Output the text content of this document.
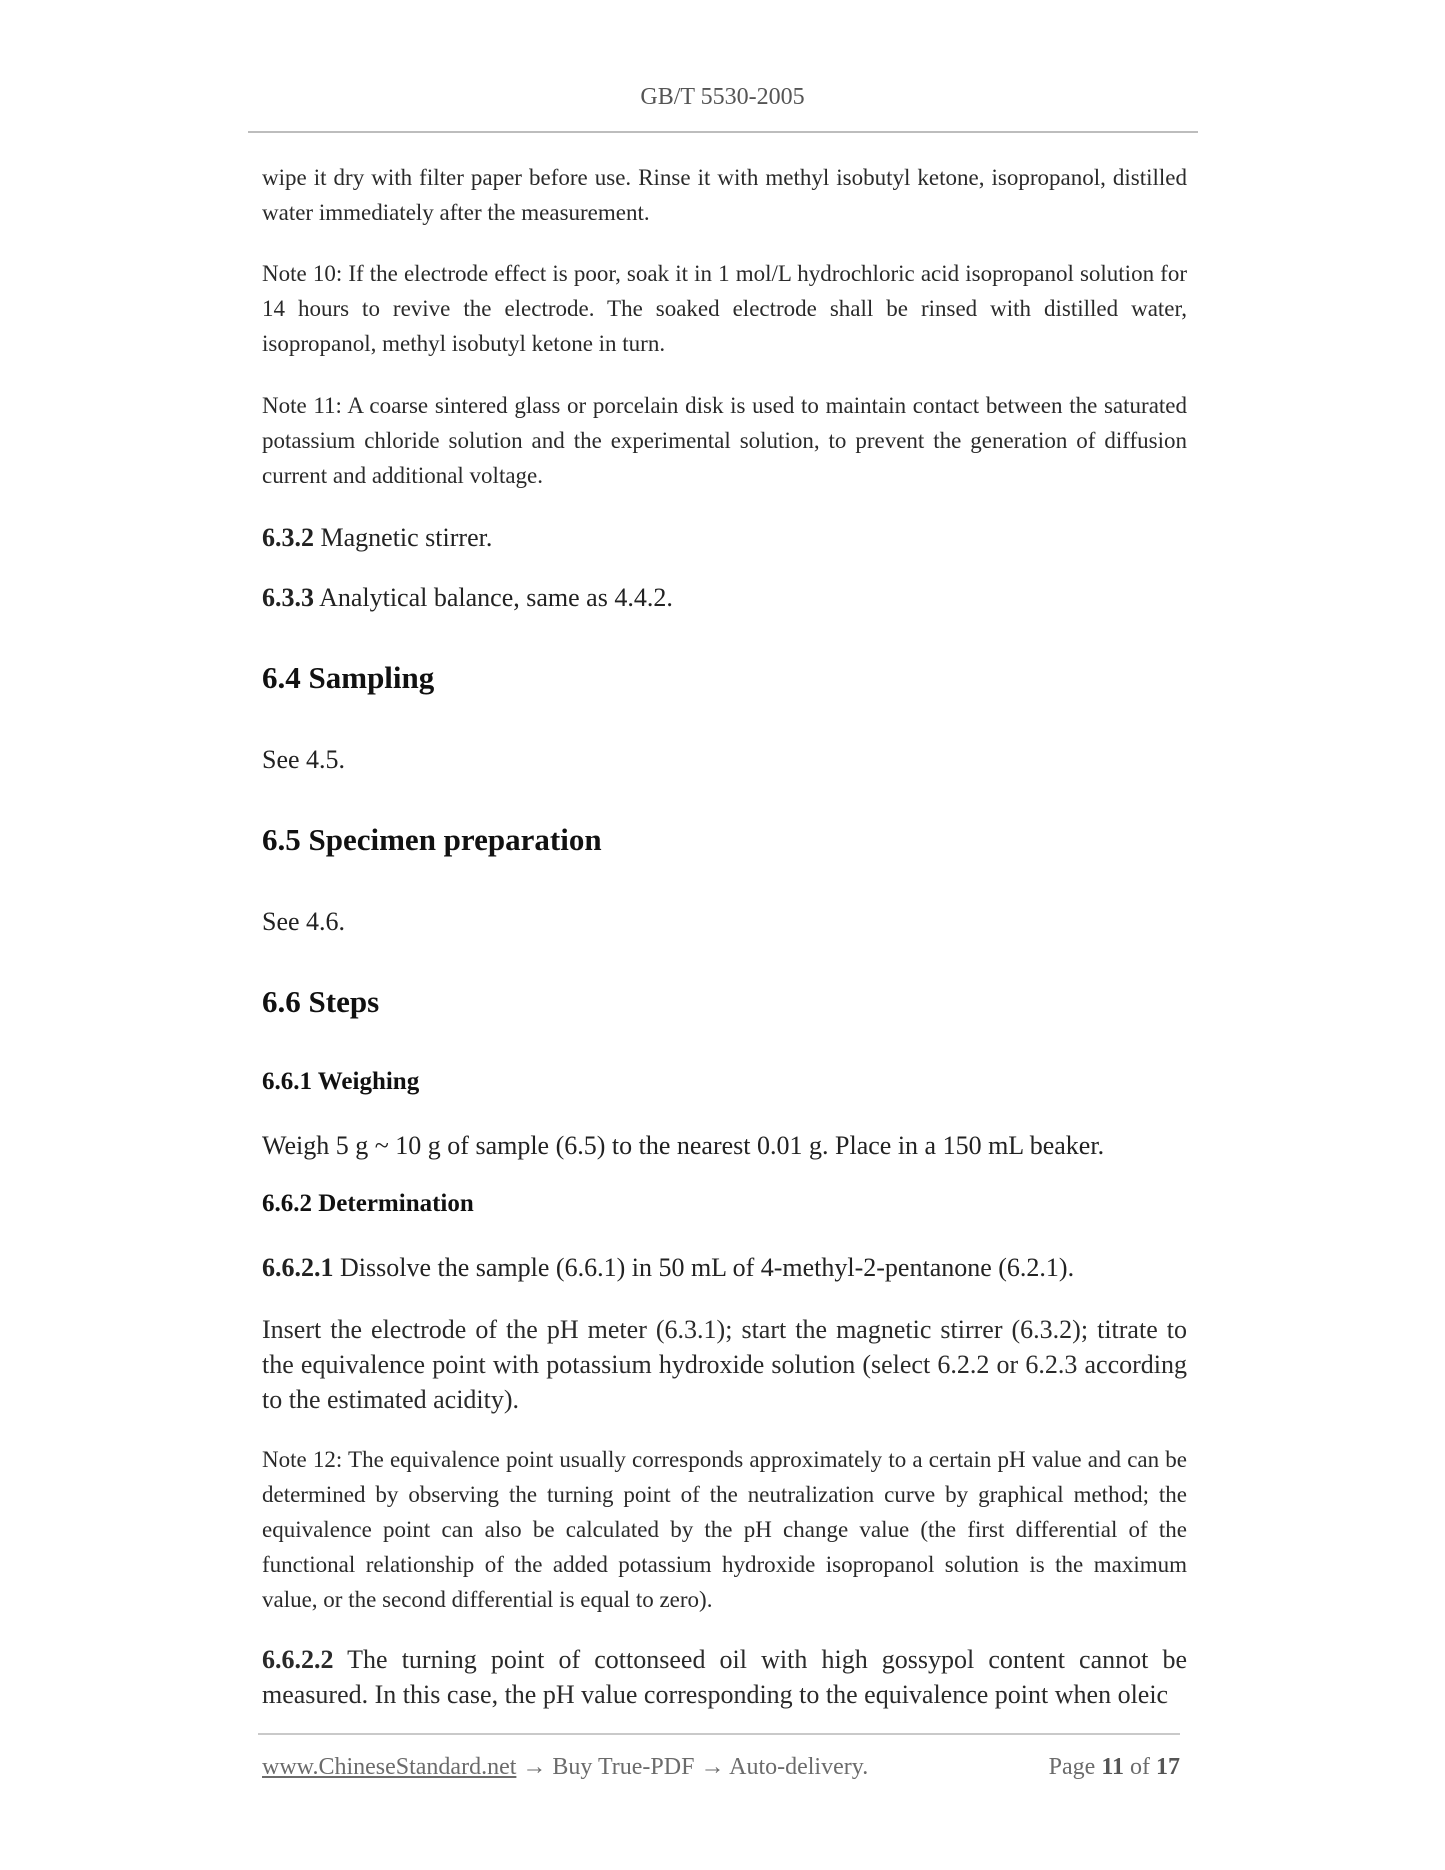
GB/T 5530-2005
wipe it dry with filter paper before use. Rinse it with methyl isobutyl ketone, isopropanol, distilled water immediately after the measurement.
Note 10: If the electrode effect is poor, soak it in 1 mol/L hydrochloric acid isopropanol solution for 14 hours to revive the electrode. The soaked electrode shall be rinsed with distilled water, isopropanol, methyl isobutyl ketone in turn.
Note 11: A coarse sintered glass or porcelain disk is used to maintain contact between the saturated potassium chloride solution and the experimental solution, to prevent the generation of diffusion current and additional voltage.
6.3.2 Magnetic stirrer.
6.3.3 Analytical balance, same as 4.4.2.
6.4 Sampling
See 4.5.
6.5 Specimen preparation
See 4.6.
6.6 Steps
6.6.1 Weighing
Weigh 5 g ~ 10 g of sample (6.5) to the nearest 0.01 g. Place in a 150 mL beaker.
6.6.2 Determination
6.6.2.1 Dissolve the sample (6.6.1) in 50 mL of 4-methyl-2-pentanone (6.2.1).
Insert the electrode of the pH meter (6.3.1); start the magnetic stirrer (6.3.2); titrate to the equivalence point with potassium hydroxide solution (select 6.2.2 or 6.2.3 according to the estimated acidity).
Note 12: The equivalence point usually corresponds approximately to a certain pH value and can be determined by observing the turning point of the neutralization curve by graphical method; the equivalence point can also be calculated by the pH change value (the first differential of the functional relationship of the added potassium hydroxide isopropanol solution is the maximum value, or the second differential is equal to zero).
6.6.2.2 The turning point of cottonseed oil with high gossypol content cannot be measured. In this case, the pH value corresponding to the equivalence point when oleic
www.ChineseStandard.net → Buy True-PDF → Auto-delivery.	Page 11 of 17
